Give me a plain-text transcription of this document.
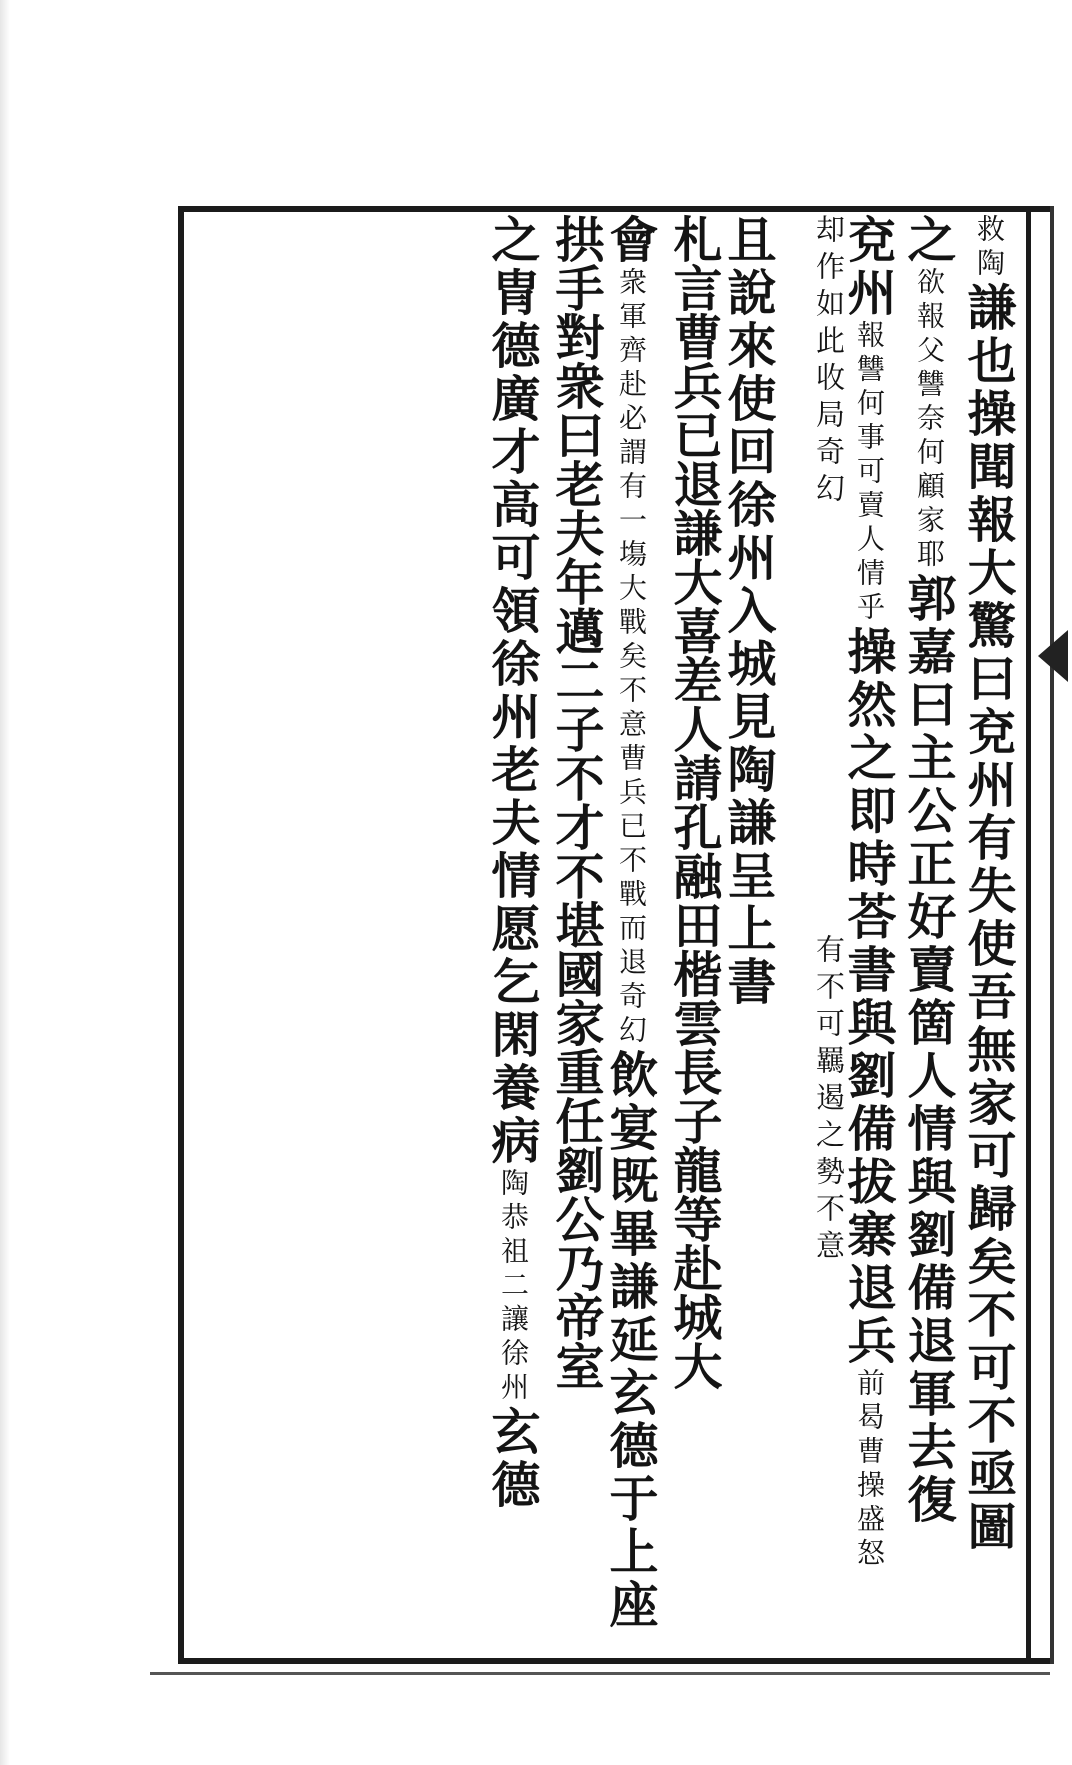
救陶謙也操聞報大驚曰兗州有失使吾無家可歸矣不可不亟圖
之欲報父讐奈何顧家耶郭嘉曰主公正好賣箇人情與劉備退軍去復
兗州報讐何事可賣人情乎操然之即時荅書與劉備拔寨退兵前曷曹操盛怒
有不可羈遏之勢不意
却作如此收局奇幻
且說來使回徐州入城見陶謙呈上書
札言曹兵已退謙大喜差人請孔融田楷雲長子龍等赴城大
會衆軍齊赴必謂有一塲大戰矣不意曹兵已不戰而退奇幻飲宴既畢謙延玄德于上座
拱手對衆曰老夫年邁二子不才不堪國家重任劉公乃帝室
之冑德廣才高可領徐州老夫情愿乞閑養病陶恭祖二讓徐州玄德
